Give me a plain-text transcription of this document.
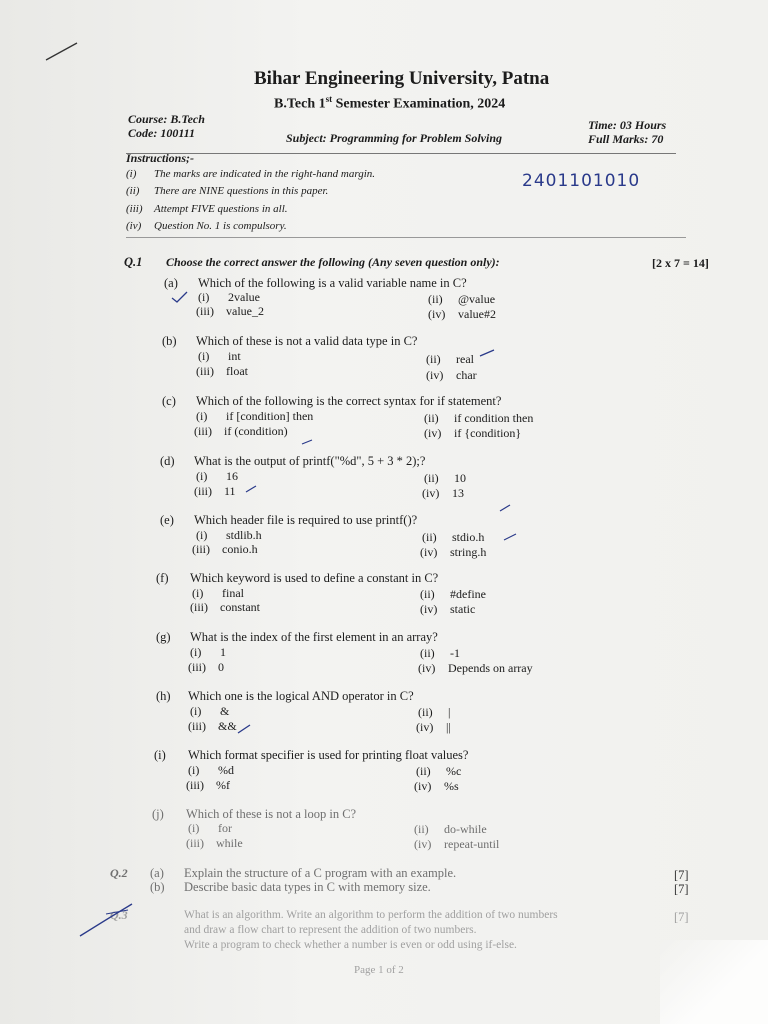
Bihar Engineering University, Patna
B.Tech 1st Semester Examination, 2024
Course: B.Tech
Code: 100111	Subject: Programming for Problem Solving
Time: 03 Hours
Full Marks: 70
Instructions;-
(i) The marks are indicated in the right-hand margin.
(ii) There are NINE questions in this paper.
(iii) Attempt FIVE questions in all.
(iv) Question No. 1 is compulsory.
2401101010
Q.1 Choose the correct answer the following (Any seven question only):	[2 x 7 = 14]
(a) Which of the following is a valid variable name in C?
(i) 2value	(ii) @value
(iii) value_2	(iv) value#2
(b) Which of these is not a valid data type in C?
(i) int	(ii) real
(iii) float	(iv) char
(c) Which of the following is the correct syntax for if statement?
(i) if [condition] then	(ii) if condition then
(iii) if (condition)	(iv) if {condition}
(d) What is the output of printf("%d", 5 + 3 * 2);?
(i) 16	(ii) 10
(iii) 11	(iv) 13
(e) Which header file is required to use printf()?
(i) stdlib.h	(ii) stdio.h
(iii) conio.h	(iv) string.h
(f) Which keyword is used to define a constant in C?
(i) final	(ii) #define
(iii) constant	(iv) static
(g) What is the index of the first element in an array?
(i) 1	(ii) -1
(iii) 0	(iv) Depends on array
(h) Which one is the logical AND operator in C?
(i) &	(ii) |
(iii) &&	(iv) ||
(i) Which format specifier is used for printing float values?
(i) %d	(ii) %c
(iii) %f	(iv) %s
(j) Which of these is not a loop in C?
(i) for	(ii) do-while
(iii) while	(iv) repeat-until
Q.2 (a) Explain the structure of a C program with an example.	[7]
(b) Describe basic data types in C with memory size.	[7]
Q.3	What is an algorithm. Write an algorithm to perform the addition of two numbers
and draw a flow chart to represent the addition of two numbers.
Write a program to check whether a number is even or odd using if-else.
[7]
Page 1 of 2
